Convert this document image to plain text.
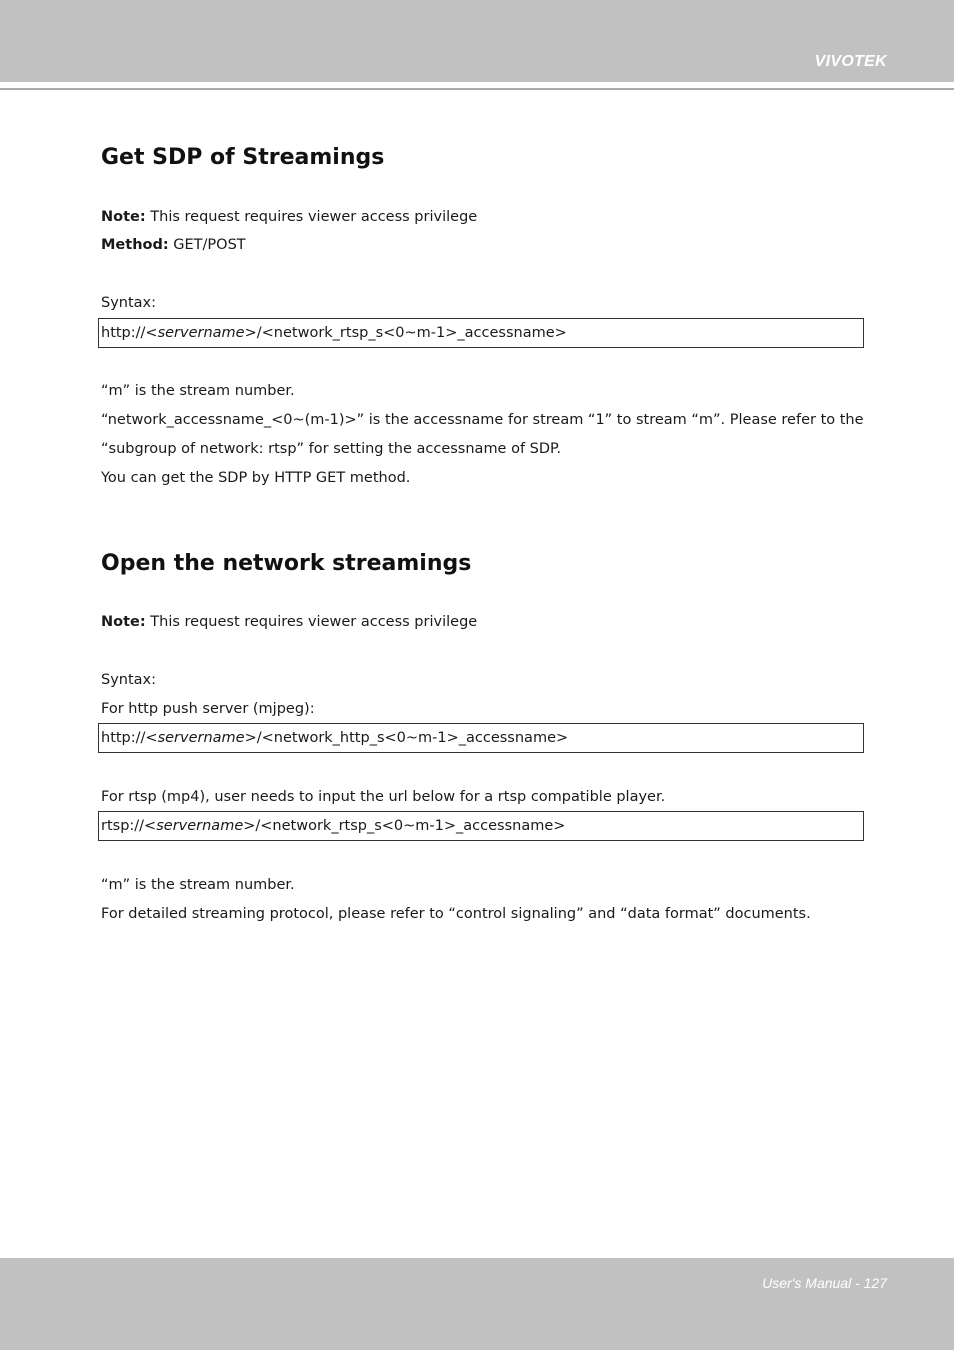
VIVOTEK
Get SDP of Streamings
Note: This request requires viewer access privilege
Method: GET/POST
Syntax:
http://<servername>/<network_rtsp_s<0~m-1>_accessname>
“m” is the stream number.
“network_accessname_<0~(m-1)>” is the accessname for stream “1” to stream “m”. Please refer to the
“subgroup of network: rtsp” for setting the accessname of SDP.
You can get the SDP by HTTP GET method.
Open the network streamings
Note: This request requires viewer access privilege
Syntax:
For http push server (mjpeg):
http://<servername>/<network_http_s<0~m-1>_accessname>
For rtsp (mp4), user needs to input the url below for a rtsp compatible player.
rtsp://<servername>/<network_rtsp_s<0~m-1>_accessname>
“m” is the stream number.
For detailed streaming protocol, please refer to “control signaling” and “data format” documents.
User's Manual - 127
